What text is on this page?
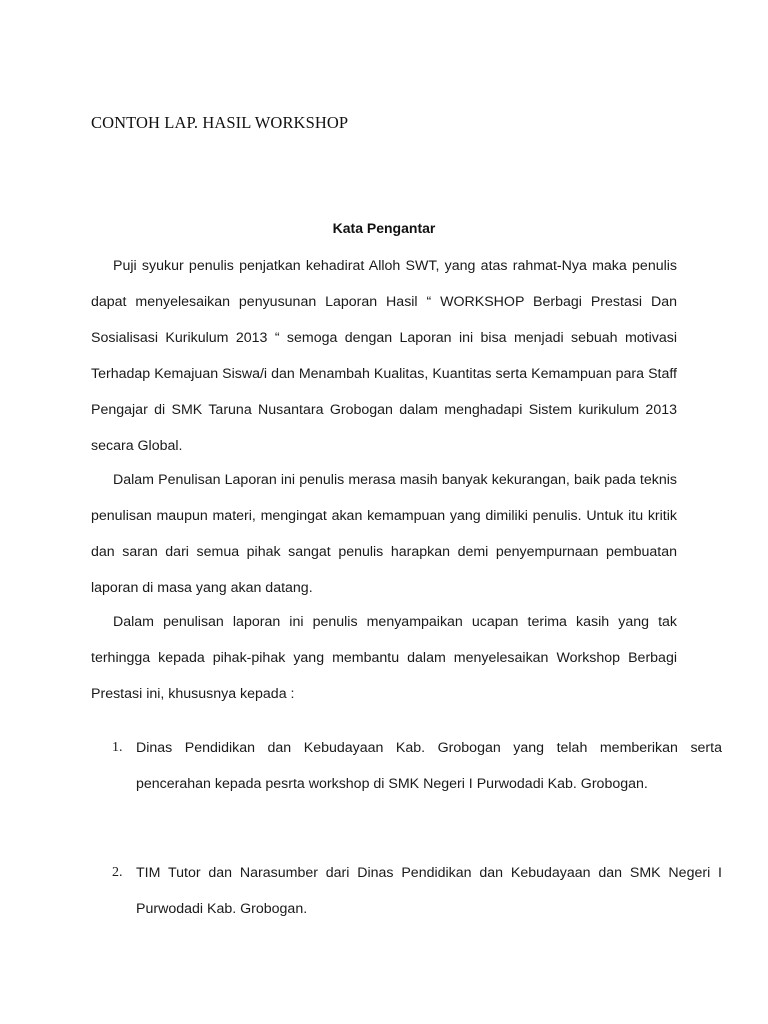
CONTOH LAP. HASIL WORKSHOP
Kata Pengantar

Puji syukur penulis penjatkan kehadirat Alloh SWT, yang atas rahmat-Nya maka penulis dapat menyelesaikan penyusunan Laporan Hasil “ WORKSHOP Berbagi Prestasi Dan Sosialisasi Kurikulum 2013 “ semoga dengan Laporan ini bisa menjadi sebuah motivasi Terhadap Kemajuan Siswa/i dan Menambah Kualitas, Kuantitas serta Kemampuan para Staff Pengajar di SMK Taruna Nusantara Grobogan dalam menghadapi Sistem kurikulum 2013 secara Global.

Dalam Penulisan Laporan ini penulis merasa masih banyak kekurangan, baik pada teknis penulisan maupun materi, mengingat akan kemampuan yang dimiliki penulis. Untuk itu kritik dan saran dari semua pihak sangat penulis harapkan demi penyempurnaan pembuatan laporan di masa yang akan datang.

Dalam penulisan laporan ini penulis menyampaikan ucapan terima kasih yang tak terhingga kepada pihak-pihak yang membantu dalam menyelesaikan Workshop Berbagi Prestasi ini, khususnya kepada :

1. Dinas Pendidikan dan Kebudayaan Kab. Grobogan yang telah memberikan serta pencerahan kepada pesrta workshop di SMK Negeri I Purwodadi Kab. Grobogan.
2. TIM Tutor dan Narasumber dari Dinas Pendidikan dan Kebudayaan dan SMK Negeri I Purwodadi Kab. Grobogan.
